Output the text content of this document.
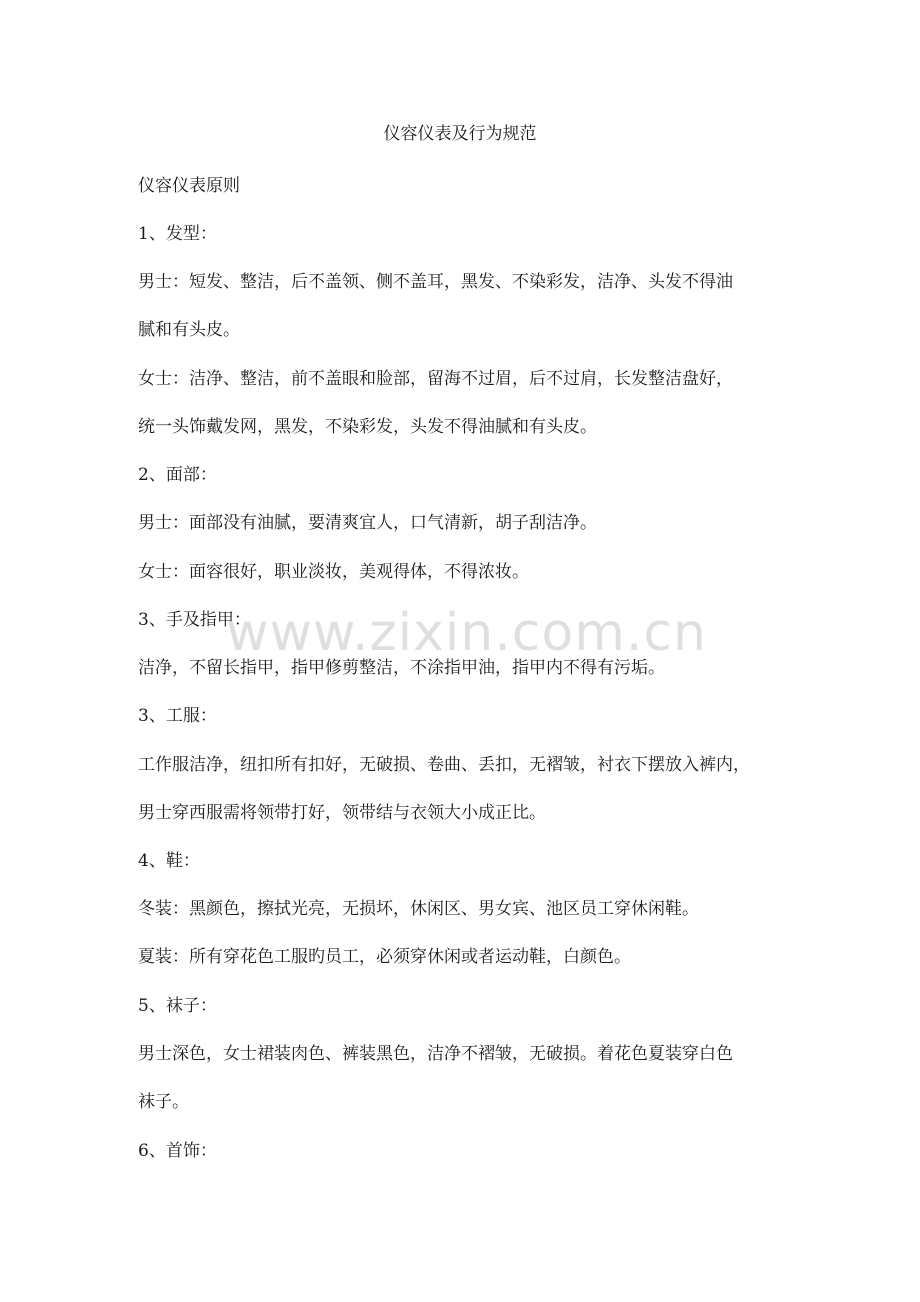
仪容仪表及行为规范
仪容仪表原则
1、发型：
男士：短发、整洁，后不盖领、侧不盖耳，黑发、不染彩发，洁净、头发不得油
腻和有头皮。
女士：洁净、整洁，前不盖眼和脸部，留海不过眉，后不过肩，长发整洁盘好，
统一头饰戴发网，黑发，不染彩发，头发不得油腻和有头皮。
2、面部：
男士：面部没有油腻，要清爽宜人，口气清新，胡子刮洁净。
女士：面容很好，职业淡妆，美观得体，不得浓妆。
3、手及指甲：
洁净，不留长指甲，指甲修剪整洁，不涂指甲油，指甲内不得有污垢。
3、工服：
工作服洁净，纽扣所有扣好，无破损、卷曲、丢扣，无褶皱，衬衣下摆放入裤内，
男士穿西服需将领带打好，领带结与衣领大小成正比。
4、鞋：
冬装：黑颜色，擦拭光亮，无损坏，休闲区、男女宾、池区员工穿休闲鞋。
夏装：所有穿花色工服旳员工，必须穿休闲或者运动鞋，白颜色。
5、袜子：
男士深色，女士裙装肉色、裤装黑色，洁净不褶皱，无破损。着花色夏装穿白色
袜子。
6、首饰：
www.zixin.com.cn
